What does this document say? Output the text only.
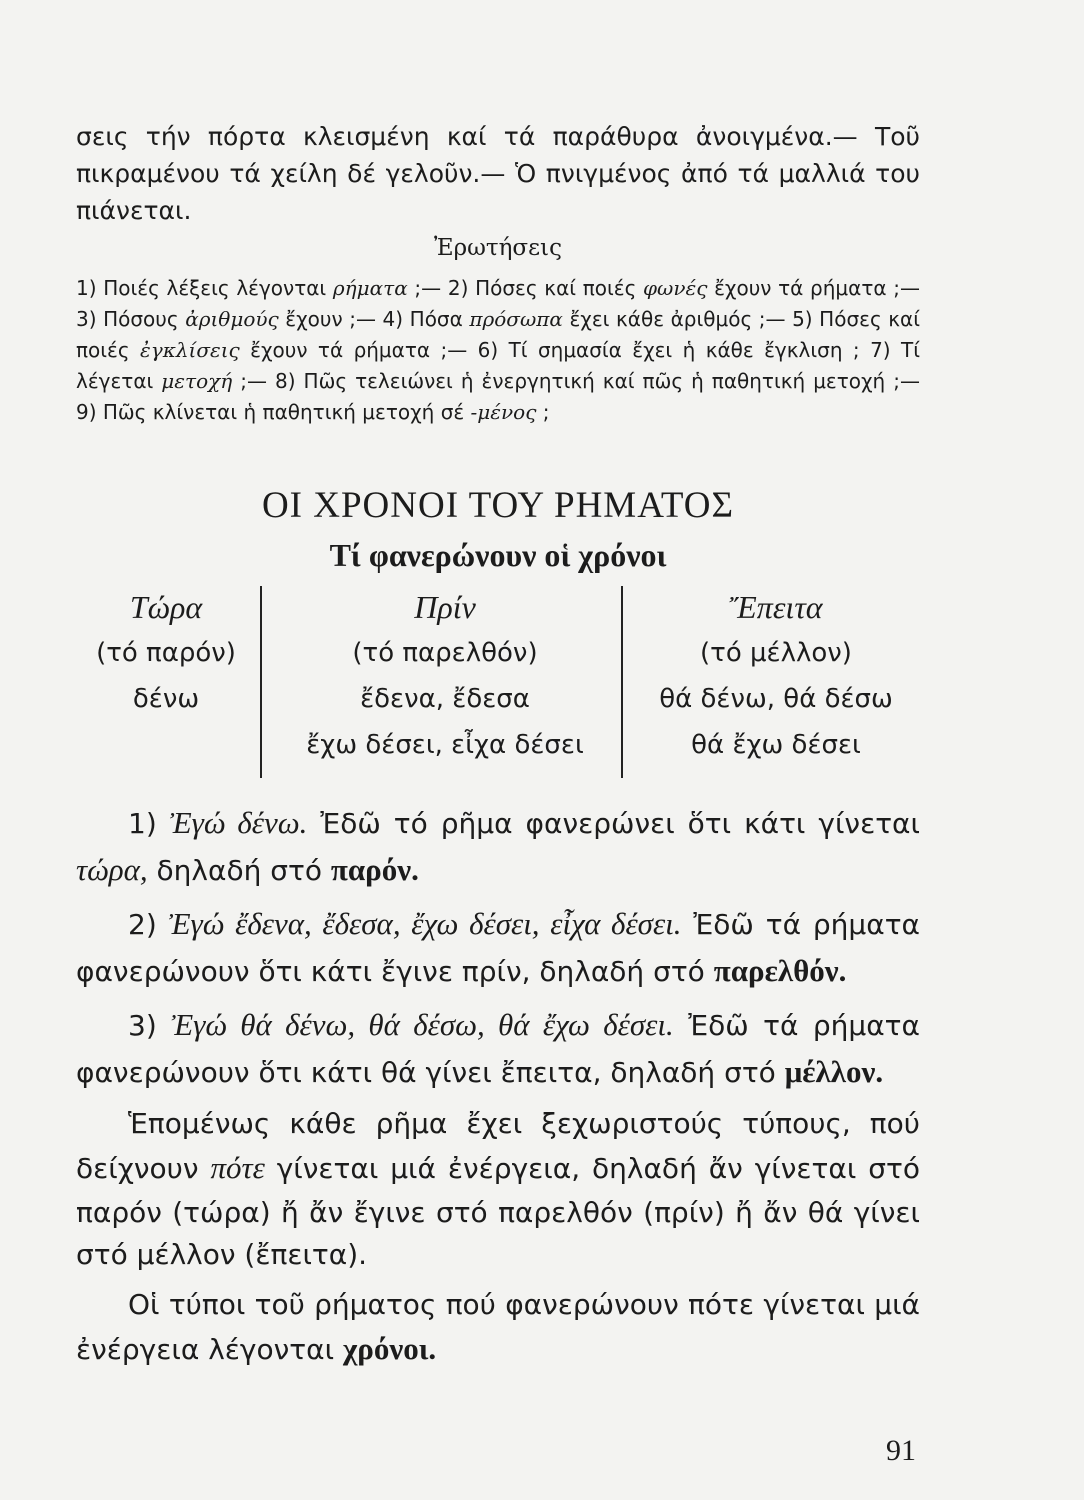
σεις τήν πόρτα κλεισμένη καί τά παράθυρα ἀνοιγμένα.— Τοῦ πικραμένου τά χείλη δέ γελοῦν.— Ὁ πνιγμένος ἀπό τά μαλλιά του πιάνεται.

Ἐρωτήσεις

1) Ποιές λέξεις λέγονται ρήματα ;— 2) Πόσες καί ποιές φωνές ἔχουν τά ρήματα ;— 3) Πόσους ἀριθμούς ἔχουν ;— 4) Πόσα πρόσωπα ἔχει κάθε ἀριθμός ;— 5) Πόσες καί ποιές ἐγκλίσεις ἔχουν τά ρήματα ;— 6) Τί σημασία ἔχει ἡ κάθε ἔγκλιση ; 7) Τί λέγεται μετοχή ;— 8) Πῶς τελειώνει ἡ ἐνεργητική καί πῶς ἡ παθητική μετοχή ;— 9) Πῶς κλίνεται ἡ παθητική μετοχή σέ -μένος ;

ΟΙ ΧΡΟΝΟΙ ΤΟΥ ΡΗΜΑΤΟΣ
Τί φανερώνουν οἱ χρόνοι
Τώρα
(τό παρόν)
δένω
Πρίν
(τό παρελθόν)
ἔδενα, ἔδεσα
ἔχω δέσει, εἶχα δέσει
Ἔπειτα
(τό μέλλον)
θά δένω, θά δέσω
θά ἔχω δέσει

1) Ἐγώ δένω. Ἐδῶ τό ρῆμα φανερώνει ὅτι κάτι γίνεται τώρα, δηλαδή στό παρόν.

2) Ἐγώ ἔδενα, ἔδεσα, ἔχω δέσει, εἶχα δέσει. Ἐδῶ τά ρήματα φανερώνουν ὅτι κάτι ἔγινε πρίν, δηλαδή στό παρελθόν.

3) Ἐγώ θά δένω, θά δέσω, θά ἔχω δέσει. Ἐδῶ τά ρήματα φανερώνουν ὅτι κάτι θά γίνει ἔπειτα, δηλαδή στό μέλλον.

Ἑπομένως κάθε ρῆμα ἔχει ξεχωριστούς τύπους, πού δείχνουν πότε γίνεται μιά ἐνέργεια, δηλαδή ἄν γίνεται στό παρόν (τώρα) ἤ ἄν ἔγινε στό παρελθόν (πρίν) ἤ ἄν θά γίνει στό μέλλον (ἔπειτα).

Οἱ τύποι τοῦ ρήματος πού φανερώνουν πότε γίνεται μιά ἐνέργεια λέγονται χρόνοι.

91
